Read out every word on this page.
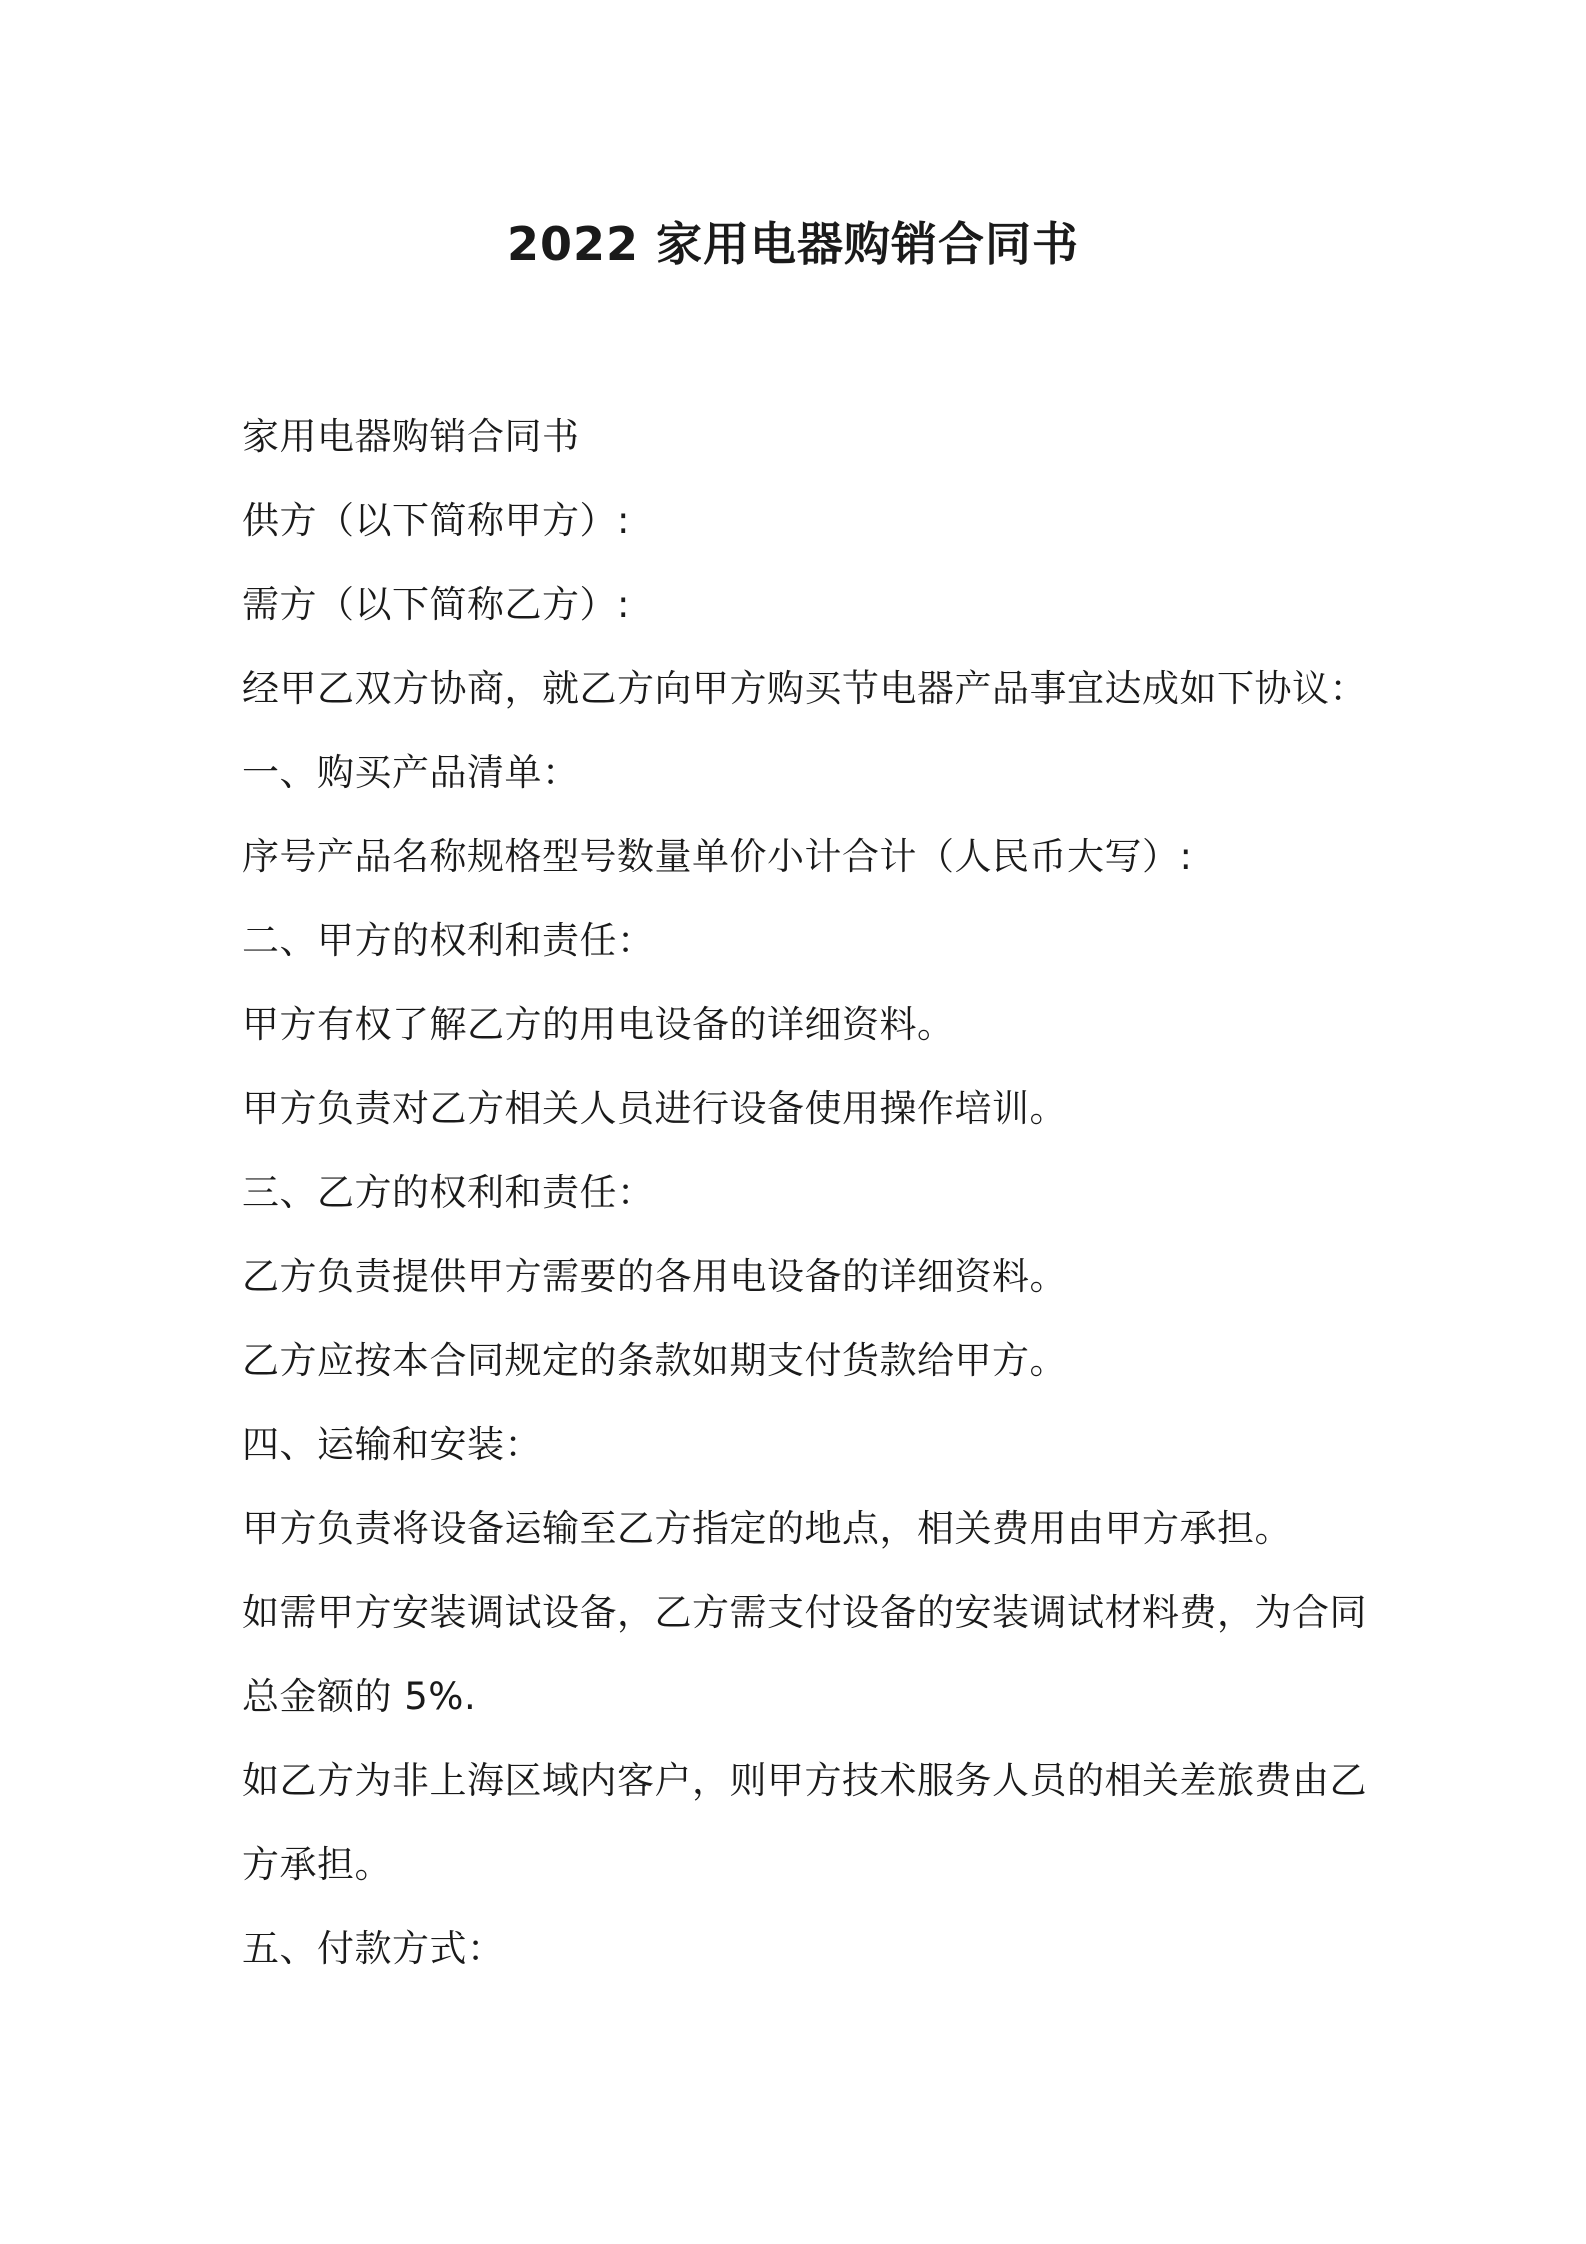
2022 家用电器购销合同书
家用电器购销合同书
供方（以下简称甲方）:
需方（以下简称乙方）:
经甲乙双方协商，就乙方向甲方购买节电器产品事宜达成如下协议：
一、购买产品清单：
序号产品名称规格型号数量单价小计合计（人民币大写）:
二、甲方的权利和责任：
甲方有权了解乙方的用电设备的详细资料。
甲方负责对乙方相关人员进行设备使用操作培训。
三、乙方的权利和责任：
乙方负责提供甲方需要的各用电设备的详细资料。
乙方应按本合同规定的条款如期支付货款给甲方。
四、运输和安装：
甲方负责将设备运输至乙方指定的地点，相关费用由甲方承担。
如需甲方安装调试设备，乙方需支付设备的安装调试材料费，为合同
总金额的 5%.
如乙方为非上海区域内客户，则甲方技术服务人员的相关差旅费由乙
方承担。
五、付款方式：
